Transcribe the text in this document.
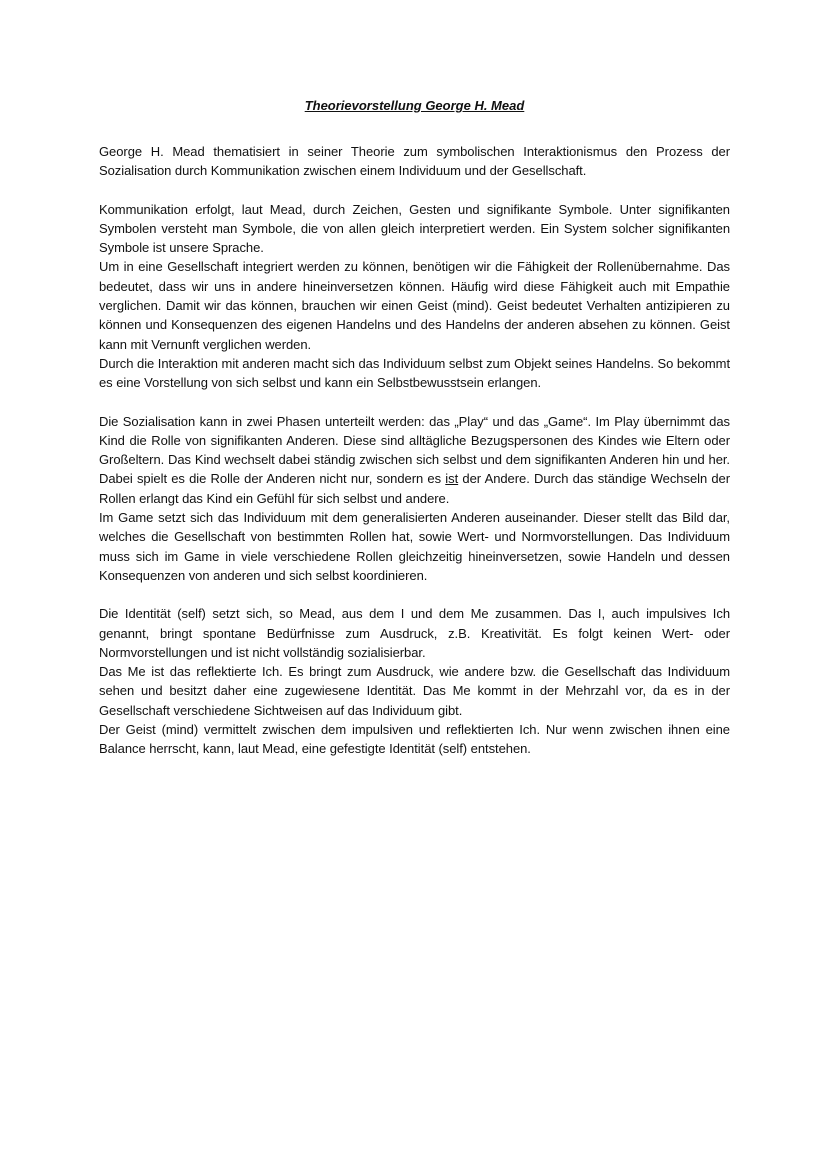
Theorievorstellung George H. Mead
George H. Mead thematisiert in seiner Theorie zum symbolischen Interaktionismus den Prozess der Sozialisation durch Kommunikation zwischen einem Individuum und der Gesellschaft.
Kommunikation erfolgt, laut Mead, durch Zeichen, Gesten und signifikante Symbole. Unter signifikanten Symbolen versteht man Symbole, die von allen gleich interpretiert werden. Ein System solcher signifikanten Symbole ist unsere Sprache.
Um in eine Gesellschaft integriert werden zu können, benötigen wir die Fähigkeit der Rollenübernahme. Das bedeutet, dass wir uns in andere hineinversetzen können. Häufig wird diese Fähigkeit auch mit Empathie verglichen. Damit wir das können, brauchen wir einen Geist (mind). Geist bedeutet Verhalten antizipieren zu können und Konsequenzen des eigenen Handelns und des Handelns der anderen absehen zu können. Geist kann mit Vernunft verglichen werden.
Durch die Interaktion mit anderen macht sich das Individuum selbst zum Objekt seines Handelns. So bekommt es eine Vorstellung von sich selbst und kann ein Selbstbewusstsein erlangen.
Die Sozialisation kann in zwei Phasen unterteilt werden: das „Play“ und das „Game“. Im Play übernimmt das Kind die Rolle von signifikanten Anderen. Diese sind alltägliche Bezugspersonen des Kindes wie Eltern oder Großeltern. Das Kind wechselt dabei ständig zwischen sich selbst und dem signifikanten Anderen hin und her. Dabei spielt es die Rolle der Anderen nicht nur, sondern es ist der Andere. Durch das ständige Wechseln der Rollen erlangt das Kind ein Gefühl für sich selbst und andere.
Im Game setzt sich das Individuum mit dem generalisierten Anderen auseinander. Dieser stellt das Bild dar, welches die Gesellschaft von bestimmten Rollen hat, sowie Wert- und Normvorstellungen. Das Individuum muss sich im Game in viele verschiedene Rollen gleichzeitig hineinversetzen, sowie Handeln und dessen Konsequenzen von anderen und sich selbst koordinieren.
Die Identität (self) setzt sich, so Mead, aus dem I und dem Me zusammen. Das I, auch impulsives Ich genannt, bringt spontane Bedürfnisse zum Ausdruck, z.B. Kreativität. Es folgt keinen Wert- oder Normvorstellungen und ist nicht vollständig sozialisierbar.
Das Me ist das reflektierte Ich. Es bringt zum Ausdruck, wie andere bzw. die Gesellschaft das Individuum sehen und besitzt daher eine zugewiesene Identität. Das Me kommt in der Mehrzahl vor, da es in der Gesellschaft verschiedene Sichtweisen auf das Individuum gibt.
Der Geist (mind) vermittelt zwischen dem impulsiven und reflektierten Ich. Nur wenn zwischen ihnen eine Balance herrscht, kann, laut Mead, eine gefestigte Identität (self) entstehen.
